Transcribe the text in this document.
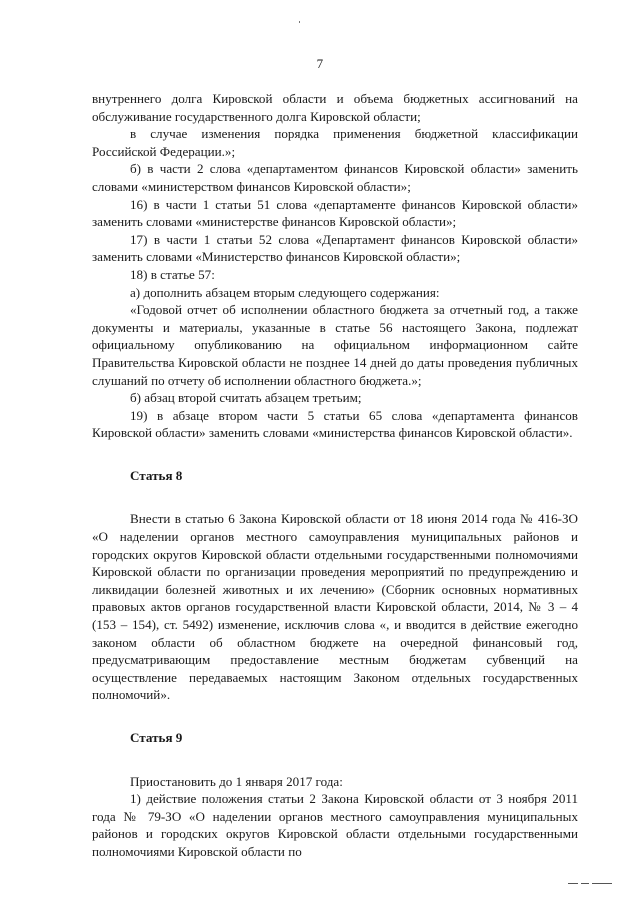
7

внутреннего долга Кировской области и объема бюджетных ассигнований на обслуживание государственного долга Кировской области;

в случае изменения порядка применения бюджетной классификации Российской Федерации.»;

б) в части 2 слова «департаментом финансов Кировской области» заменить словами «министерством финансов Кировской области»;

16) в части 1 статьи 51 слова «департаменте финансов Кировской области» заменить словами «министерстве финансов Кировской области»;

17) в части 1 статьи 52 слова «Департамент финансов Кировской области» заменить словами «Министерство финансов Кировской области»;

18) в статье 57:

а) дополнить абзацем вторым следующего содержания:

«Годовой отчет об исполнении областного бюджета за отчетный год, а также документы и материалы, указанные в статье 56 настоящего Закона, подлежат официальному опубликованию на официальном информационном сайте Правительства Кировской области не позднее 14 дней до даты проведения публичных слушаний по отчету об исполнении областного бюджета.»;

б) абзац второй считать абзацем третьим;

19) в абзаце втором части 5 статьи 65 слова «департамента финансов Кировской области» заменить словами «министерства финансов Кировской области».

Статья 8

Внести в статью 6 Закона Кировской области от 18 июня 2014 года № 416-ЗО «О наделении органов местного самоуправления муниципальных районов и городских округов Кировской области отдельными государственными полномочиями Кировской области по организации проведения мероприятий по предупреждению и ликвидации болезней животных и их лечению» (Сборник основных нормативных правовых актов органов государственной власти Кировской области, 2014, № 3 – 4 (153 – 154), ст. 5492) изменение, исключив слова «, и вводится в действие ежегодно законом области об областном бюджете на очередной финансовый год, предусматривающим предоставление местным бюджетам субвенций на осуществление передаваемых настоящим Законом отдельных государственных полномочий».

Статья 9

Приостановить до 1 января 2017 года:

1) действие положения статьи 2 Закона Кировской области от 3 ноября 2011 года № 79-ЗО «О наделении органов местного самоуправления муниципальных районов и городских округов Кировской области отдельными государственными полномочиями Кировской области по
